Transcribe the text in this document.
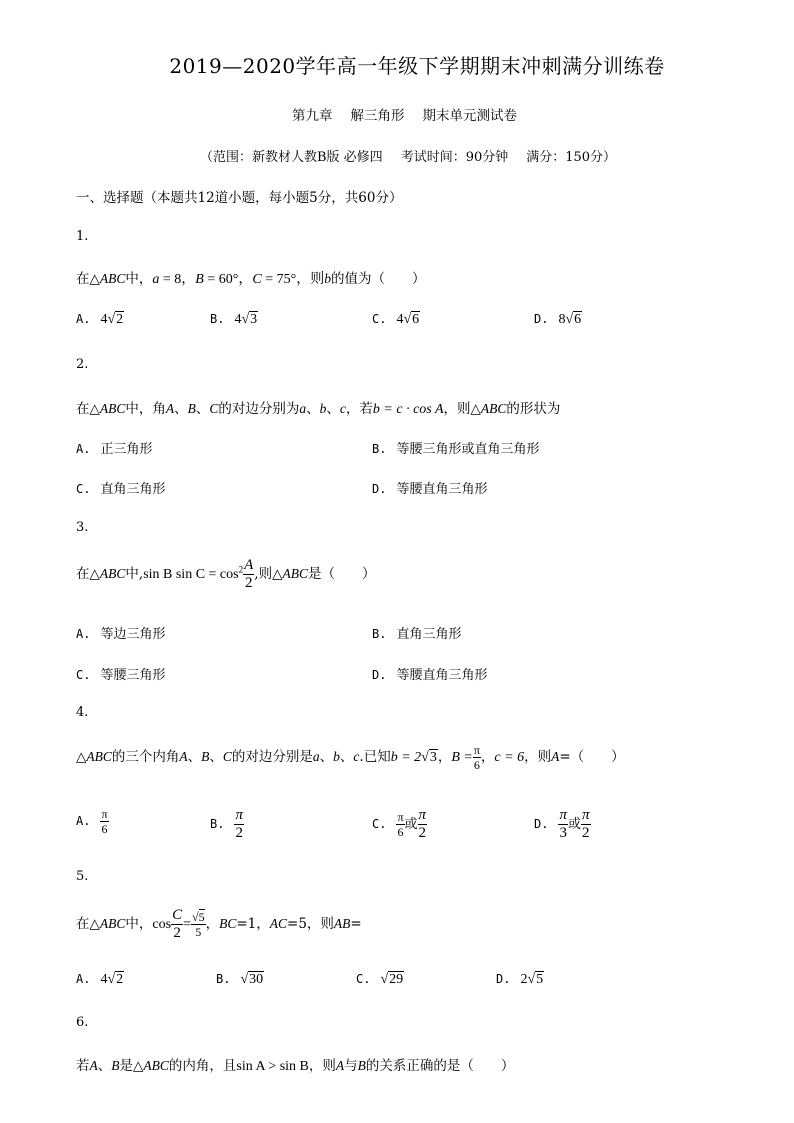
2019—2020学年高一年级下学期期末冲刺满分训练卷
第九章 解三角形 期末单元测试卷
（范围：新教材人教B版 必修四 考试时间：90分钟 满分：150分）
一、选择题（本题共12道小题，每小题5分，共60分）
1.
在△ABC中，a = 8，B = 60°，C = 75°，则b的值为（　　）
A. 4√2	B. 4√3	C. 4√6	D. 8√6
2.
在△ABC中，角A、B、C的对边分别为a、b、c，若b = c · cos A，则△ABC的形状为
A. 正三角形	B. 等腰三角形或直角三角形
C. 直角三角形	D. 等腰直角三角形
3.
在△ABC中,sin B $\sin C = \cos^2 \frac{A}{2}$ ,则△ABC是（　　）
A. 等边三角形	B. 直角三角形
C. 等腰三角形	D. 等腰直角三角形
4.
△ABC的三个内角A、B、C的对边分别是a、b、c.已知b = 2√3，$B = \frac{\pi}{6}$ ，c = 6，则A=（　　）
A. $\frac{\pi}{6}$	B. $\frac{\pi}{2}$	C. $\frac{\pi}{6}$ 或 $\frac{\pi}{2}$	D. $\frac{\pi}{3}$ 或 $\frac{\pi}{2}$
5.
在△ABC中，$\cos \frac{C}{2} = \frac{√5}{5}$ ，BC=1，AC=5，则AB=
A. 4√2	B. √30	C. √29	D. 2√5
6.
若A、B是△ABC的内角，且sin A > sin B，则A与B的关系正确的是（　　）
